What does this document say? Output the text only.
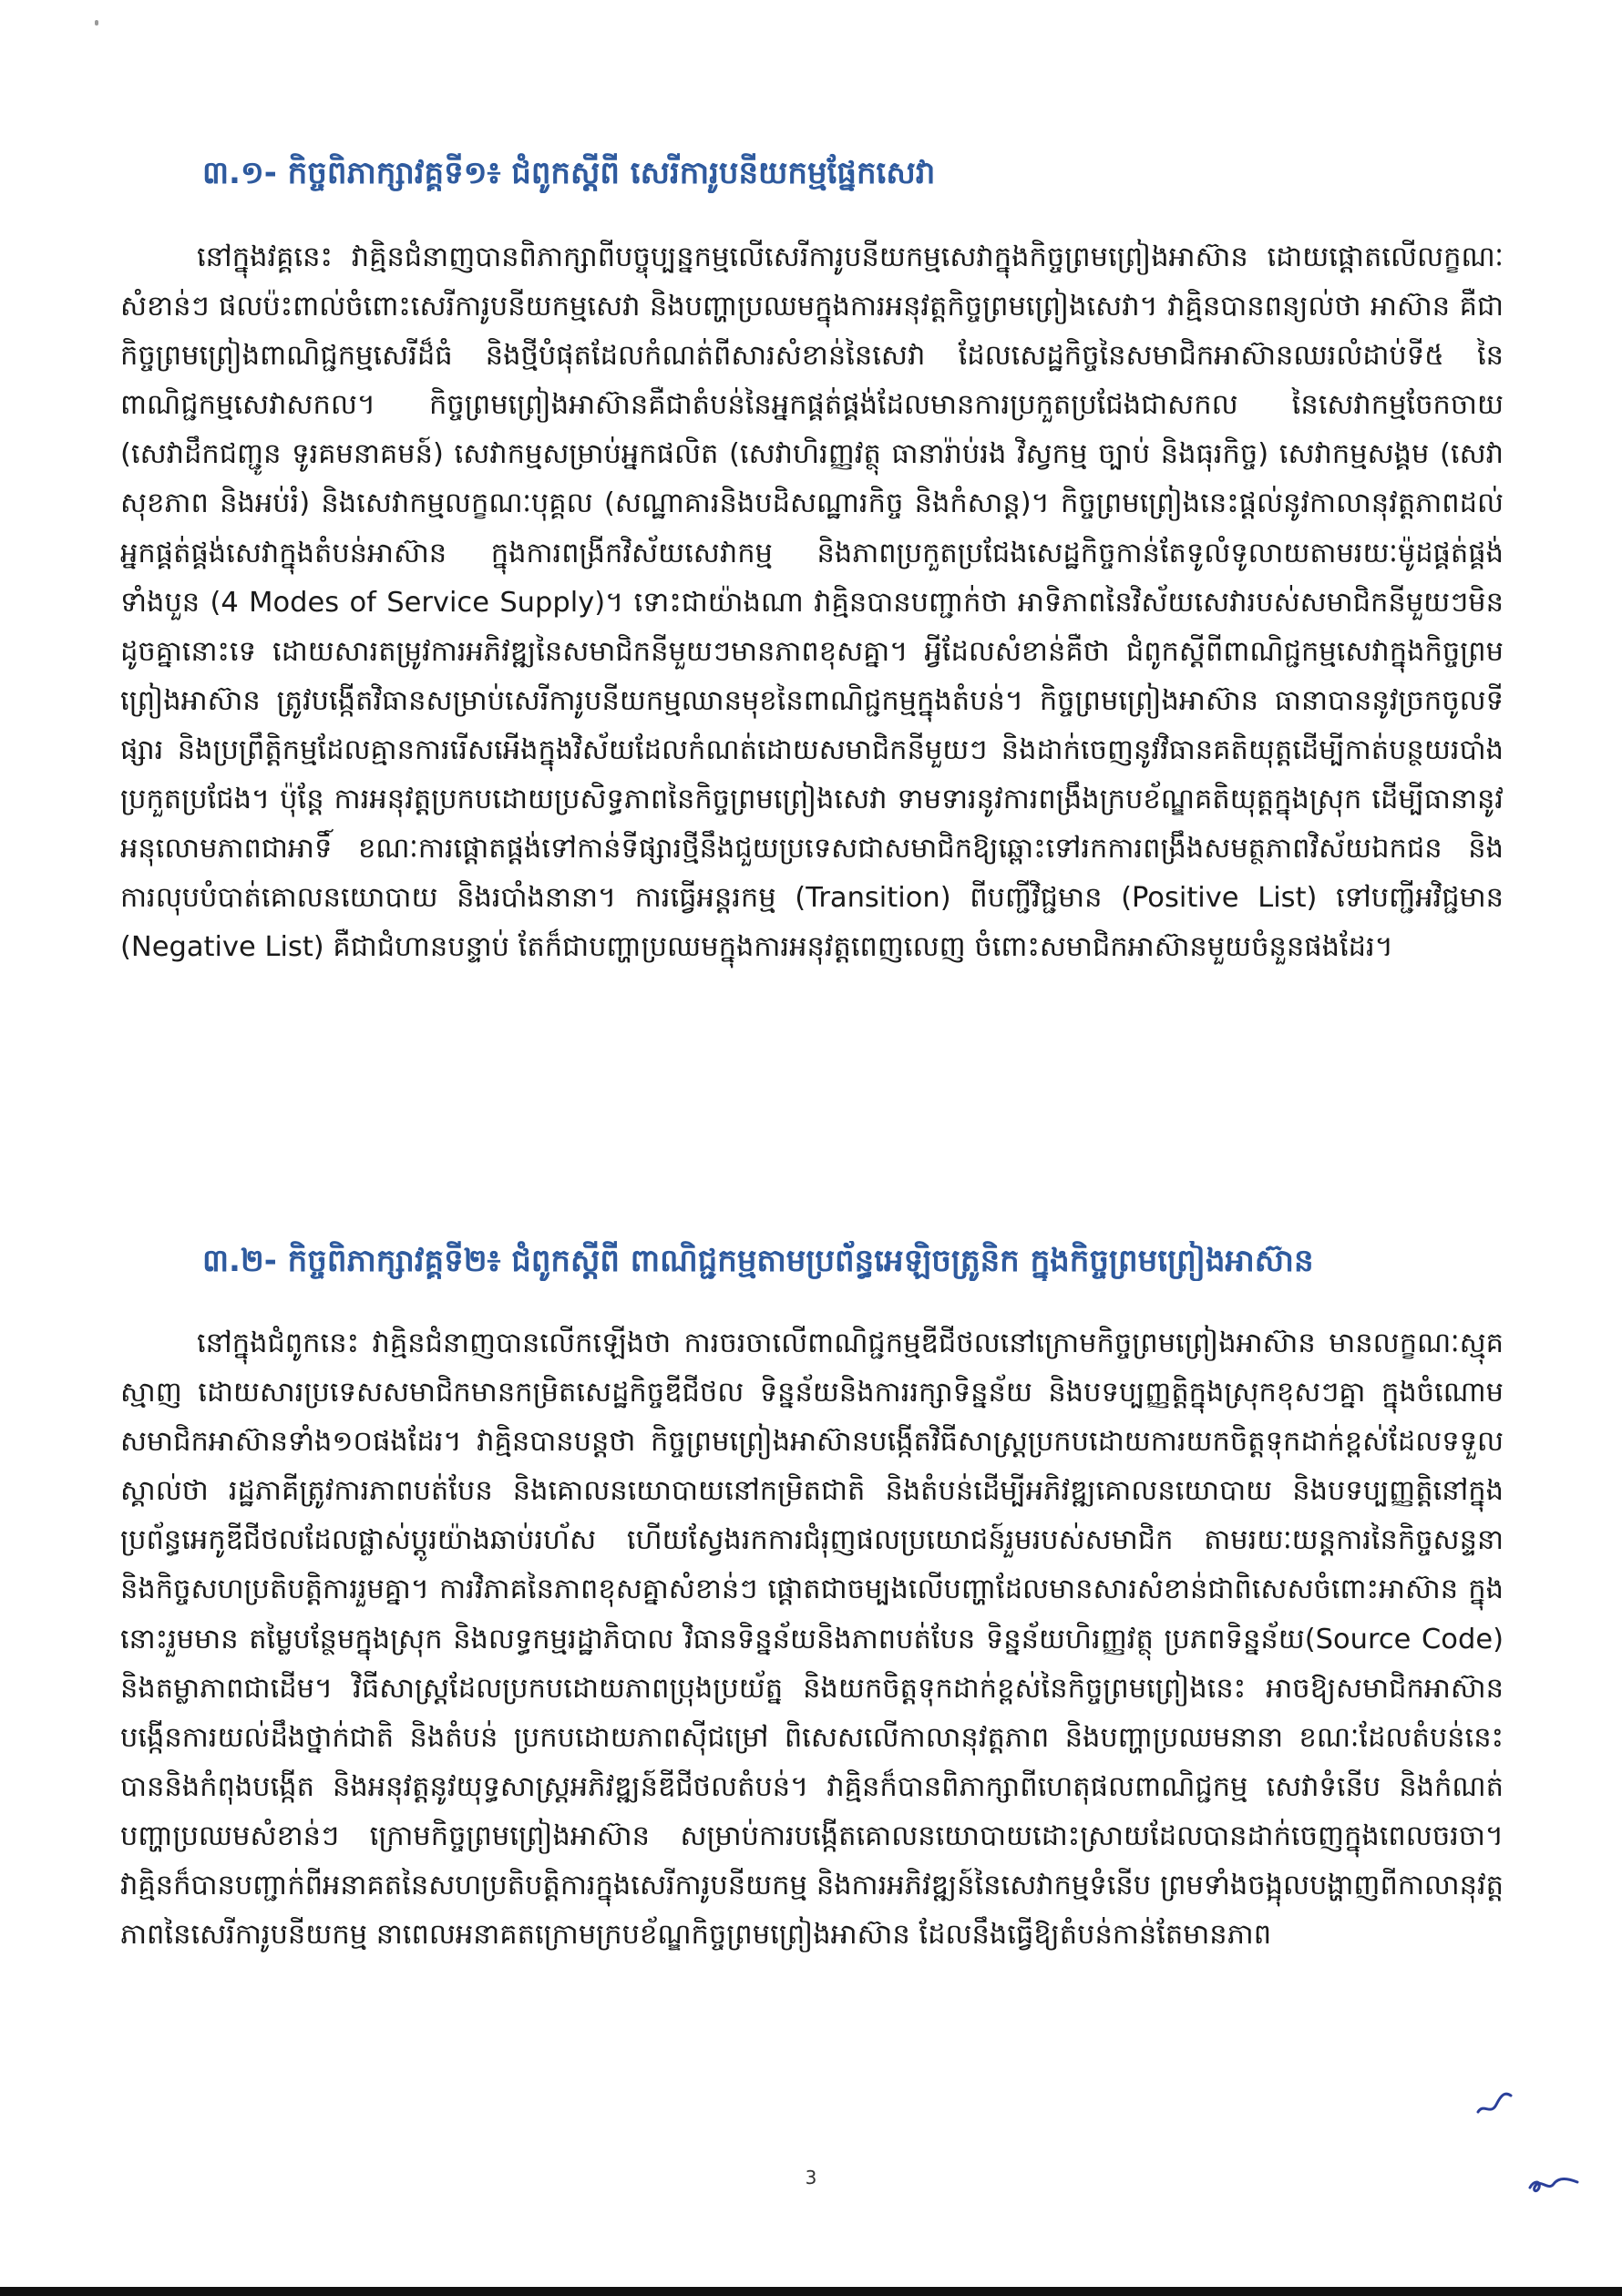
៣.១- កិច្ចពិភាក្សាវគ្គទី១៖ ជំពូកស្តីពី សេរីការូបនីយកម្មផ្នែកសេវា

នៅក្នុងវគ្គនេះ វាគ្មិនជំនាញបានពិភាក្សាពីបច្ចុប្បន្នកម្មលើសេរីការូបនីយកម្មសេវាក្នុងកិច្ចព្រមព្រៀងអាស៊ាន ដោយផ្តោតលើលក្ខណៈសំខាន់ៗ ផលប៉ះពាល់ចំពោះសេរីការូបនីយកម្មសេវា និងបញ្ហាប្រឈមក្នុងការអនុវត្តកិច្ចព្រមព្រៀងសេវា។ វាគ្មិនបានពន្យល់ថា អាស៊ាន គឺជាកិច្ចព្រមព្រៀងពាណិជ្ជកម្មសេរីដ៏ធំ និងថ្មីបំផុតដែលកំណត់ពីសារសំខាន់នៃសេវា ដែលសេដ្ឋកិច្ចនៃសមាជិកអាស៊ានឈរលំដាប់ទី៥ នៃពាណិជ្ជកម្មសេវាសកល។ កិច្ចព្រមព្រៀងអាស៊ានគឺជាតំបន់នៃអ្នកផ្គត់ផ្គង់ដែលមានការប្រកួតប្រជែងជាសកល នៃសេវាកម្មចែកចាយ (សេវាដឹកជញ្ជូន ទូរគមនាគមន៍) សេវាកម្មសម្រាប់អ្នកផលិត (សេវាហិរញ្ញវត្ថុ ធានារ៉ាប់រង វិស្វកម្ម ច្បាប់ និងធុរកិច្ច) សេវាកម្មសង្គម (សេវាសុខភាព និងអប់រំ) និងសេវាកម្មលក្ខណៈបុគ្គល (សណ្ឋាគារនិងបដិសណ្ឋារកិច្ច និងកំសាន្ត)។ កិច្ចព្រមព្រៀងនេះផ្តល់នូវកាលានុវត្តភាពដល់អ្នកផ្គត់ផ្គង់សេវាក្នុងតំបន់អាស៊ាន ក្នុងការពង្រីកវិស័យសេវាកម្ម និងភាពប្រកួតប្រជែងសេដ្ឋកិច្ចកាន់តែទូលំទូលាយតាមរយៈម៉ូដផ្គត់ផ្គង់ទាំងបួន (4 Modes of Service Supply)។ ទោះជាយ៉ាងណា វាគ្មិនបានបញ្ជាក់ថា អាទិភាពនៃវិស័យសេវារបស់សមាជិកនីមួយៗមិនដូចគ្នានោះទេ ដោយសារតម្រូវការអភិវឌ្ឍនៃសមាជិកនីមួយៗមានភាពខុសគ្នា។ អ្វីដែលសំខាន់គឺថា ជំពូកស្តីពីពាណិជ្ជកម្មសេវាក្នុងកិច្ចព្រមព្រៀងអាស៊ាន ត្រូវបង្កើតវិធានសម្រាប់សេរីការូបនីយកម្មឈានមុខនៃពាណិជ្ជកម្មក្នុងតំបន់។ កិច្ចព្រមព្រៀងអាស៊ាន ធានាបាននូវច្រកចូលទីផ្សារ និងប្រព្រឹត្តិកម្មដែលគ្មានការរើសអើងក្នុងវិស័យដែលកំណត់ដោយសមាជិកនីមួយៗ និងដាក់ចេញនូវវិធានគតិយុត្តដើម្បីកាត់បន្ថយរបាំងប្រកួតប្រជែង។ ប៉ុន្តែ ការអនុវត្តប្រកបដោយប្រសិទ្ធភាពនៃកិច្ចព្រមព្រៀងសេវា ទាមទារនូវការពង្រឹងក្របខ័ណ្ឌគតិយុត្តក្នុងស្រុក ដើម្បីធានានូវអនុលោមភាពជាអាទិ៍ ខណៈការផ្តោតផ្តង់ទៅកាន់ទីផ្សារថ្មីនឹងជួយប្រទេសជាសមាជិកឱ្យឆ្ពោះទៅរកការពង្រឹងសមត្ថភាពវិស័យឯកជន និងការលុបបំបាត់គោលនយោបាយ និងរបាំងនានា។ ការធ្វើអន្តរកម្ម (Transition) ពីបញ្ជីវិជ្ជមាន (Positive List) ទៅបញ្ជីអវិជ្ជមាន (Negative List) គឺជាជំហានបន្ទាប់ តែក៏ជាបញ្ហាប្រឈមក្នុងការអនុវត្តពេញលេញ ចំពោះសមាជិកអាស៊ានមួយចំនួនផងដែរ។

៣.២- កិច្ចពិភាក្សាវគ្គទី២៖ ជំពូកស្តីពី ពាណិជ្ជកម្មតាមប្រព័ន្ធអេឡិចត្រូនិក ក្នុងកិច្ចព្រមព្រៀងអាស៊ាន

នៅក្នុងជំពូកនេះ វាគ្មិនជំនាញបានលើកឡើងថា ការចរចាលើពាណិជ្ជកម្មឌីជីថលនៅក្រោមកិច្ចព្រមព្រៀងអាស៊ាន មានលក្ខណៈស្មុគស្មាញ ដោយសារប្រទេសសមាជិកមានកម្រិតសេដ្ឋកិច្ចឌីជីថល ទិន្នន័យនិងការរក្សាទិន្នន័យ និងបទប្បញ្ញត្តិក្នុងស្រុកខុសៗគ្នា ក្នុងចំណោមសមាជិកអាស៊ានទាំង១០ផងដែរ។ វាគ្មិនបានបន្តថា កិច្ចព្រមព្រៀងអាស៊ានបង្កើតវិធីសាស្ត្រប្រកបដោយការយកចិត្តទុកដាក់ខ្ពស់ដែលទទួលស្គាល់ថា រដ្ឋភាគីត្រូវការភាពបត់បែន និងគោលនយោបាយនៅកម្រិតជាតិ និងតំបន់ដើម្បីអភិវឌ្ឍគោលនយោបាយ និងបទប្បញ្ញត្តិនៅក្នុងប្រព័ន្ធអេកូឌីជីថលដែលផ្លាស់ប្តូរយ៉ាងឆាប់រហ័ស ហើយស្វែងរកការជំរុញផលប្រយោជន៍រួមរបស់សមាជិក តាមរយៈយន្តការនៃកិច្ចសន្ទនា និងកិច្ចសហប្រតិបត្តិការរួមគ្នា។ ការវិភាគនៃភាពខុសគ្នាសំខាន់ៗ ផ្តោតជាចម្បងលើបញ្ហាដែលមានសារសំខាន់ជាពិសេសចំពោះអាស៊ាន ក្នុងនោះរួមមាន តម្លៃបន្ថែមក្នុងស្រុក និងលទ្ធកម្មរដ្ឋាភិបាល វិធានទិន្នន័យនិងភាពបត់បែន ទិន្នន័យហិរញ្ញវត្ថុ ប្រភពទិន្នន័យ(Source Code) និងតម្លាភាពជាដើម។ វិធីសាស្ត្រដែលប្រកបដោយភាពប្រុងប្រយ័ត្ន និងយកចិត្តទុកដាក់ខ្ពស់នៃកិច្ចព្រមព្រៀងនេះ អាចឱ្យសមាជិកអាស៊ានបង្កើនការយល់ដឹងថ្នាក់ជាតិ និងតំបន់ ប្រកបដោយភាពស៊ីជម្រៅ ពិសេសលើកាលានុវត្តភាព និងបញ្ហាប្រឈមនានា ខណៈដែលតំបន់នេះបាននិងកំពុងបង្កើត និងអនុវត្តនូវយុទ្ធសាស្ត្រអភិវឌ្ឍន៍ឌីជីថលតំបន់។ វាគ្មិនក៏បានពិភាក្សាពីហេតុផលពាណិជ្ជកម្ម សេវាទំនើប និងកំណត់បញ្ហាប្រឈមសំខាន់ៗ ក្រោមកិច្ចព្រមព្រៀងអាស៊ាន សម្រាប់ការបង្កើតគោលនយោបាយដោះស្រាយដែលបានដាក់ចេញក្នុងពេលចរចា។ វាគ្មិនក៏បានបញ្ជាក់ពីអនាគតនៃសហប្រតិបត្តិការក្នុងសេរីការូបនីយកម្ម និងការអភិវឌ្ឍន៍នៃសេវាកម្មទំនើប ព្រមទាំងចង្អុលបង្ហាញពីកាលានុវត្តភាពនៃសេរីការូបនីយកម្ម នាពេលអនាគតក្រោមក្របខ័ណ្ឌកិច្ចព្រមព្រៀងអាស៊ាន ដែលនឹងធ្វើឱ្យតំបន់កាន់តែមានភាព

3
